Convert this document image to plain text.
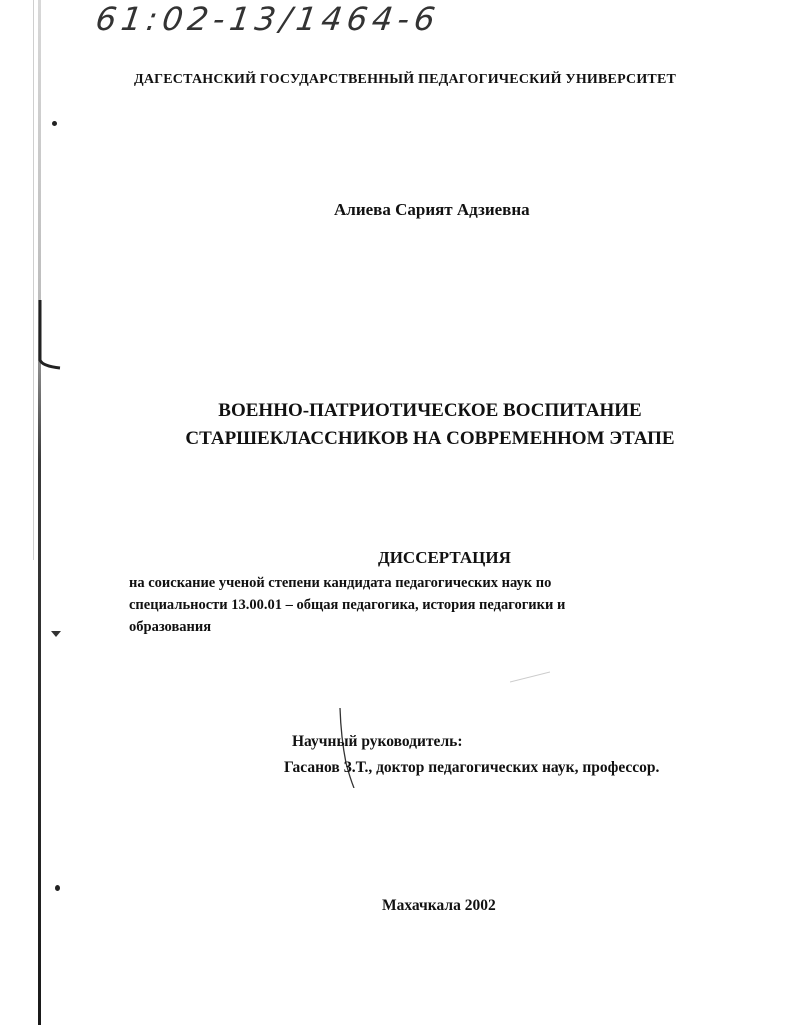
61:02-13/1464-6
ДАГЕСТАНСКИЙ ГОСУДАРСТВЕННЫЙ ПЕДАГОГИЧЕСКИЙ УНИВЕРСИТЕТ
Алиева Сарият Адзиевна
ВОЕННО-ПАТРИОТИЧЕСКОЕ ВОСПИТАНИЕ
СТАРШЕКЛАССНИКОВ НА СОВРЕМЕННОМ ЭТАПЕ
ДИССЕРТАЦИЯ
на соискание ученой степени кандидата педагогических наук по
специальности 13.00.01 – общая педагогика, история педагогики и
образования
Научный руководитель:
Гасанов З.Т., доктор педагогических наук, профессор.
Махачкала 2002
